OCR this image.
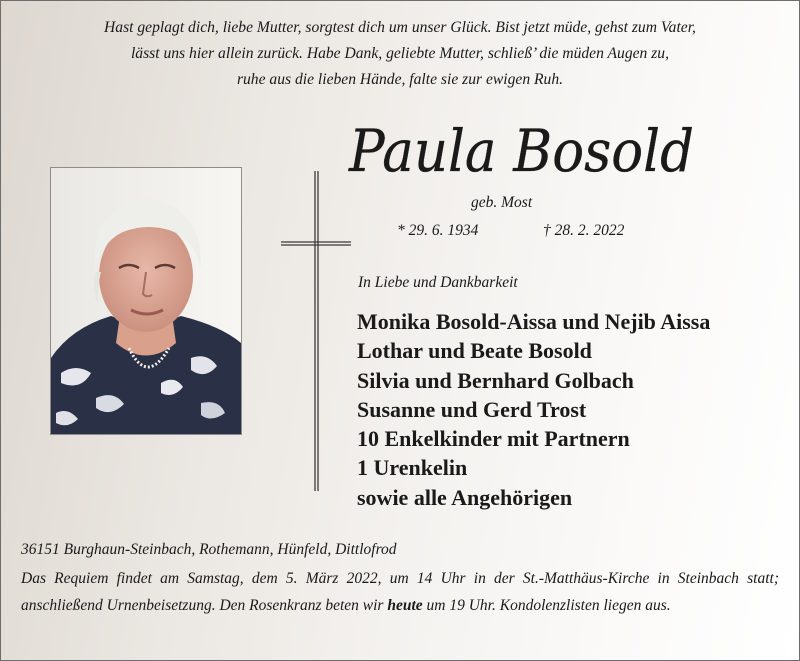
Hast geplagt dich, liebe Mutter, sorgtest dich um unser Glück. Bist jetzt müde, gehst zum Vater,
lässt uns hier allein zurück. Habe Dank, geliebte Mutter, schließ’ die müden Augen zu,
ruhe aus die lieben Hände, falte sie zur ewigen Ruh.
Paula Bosold
geb. Most
* 29. 6. 1934	† 28. 2. 2022
In Liebe und Dankbarkeit
Monika Bosold-Aissa und Nejib Aissa
Lothar und Beate Bosold
Silvia und Bernhard Golbach
Susanne und Gerd Trost
10 Enkelkinder mit Partnern
1 Urenkelin
sowie alle Angehörigen
36151 Burghaun-Steinbach, Rothemann, Hünfeld, Dittlofrod
Das Requiem findet am Samstag, dem 5. März 2022, um 14 Uhr in der St.-Matthäus-Kirche in Steinbach statt; anschließend Urnenbeisetzung. Den Rosenkranz beten wir heute um 19 Uhr. Kondolenzlisten liegen aus.
